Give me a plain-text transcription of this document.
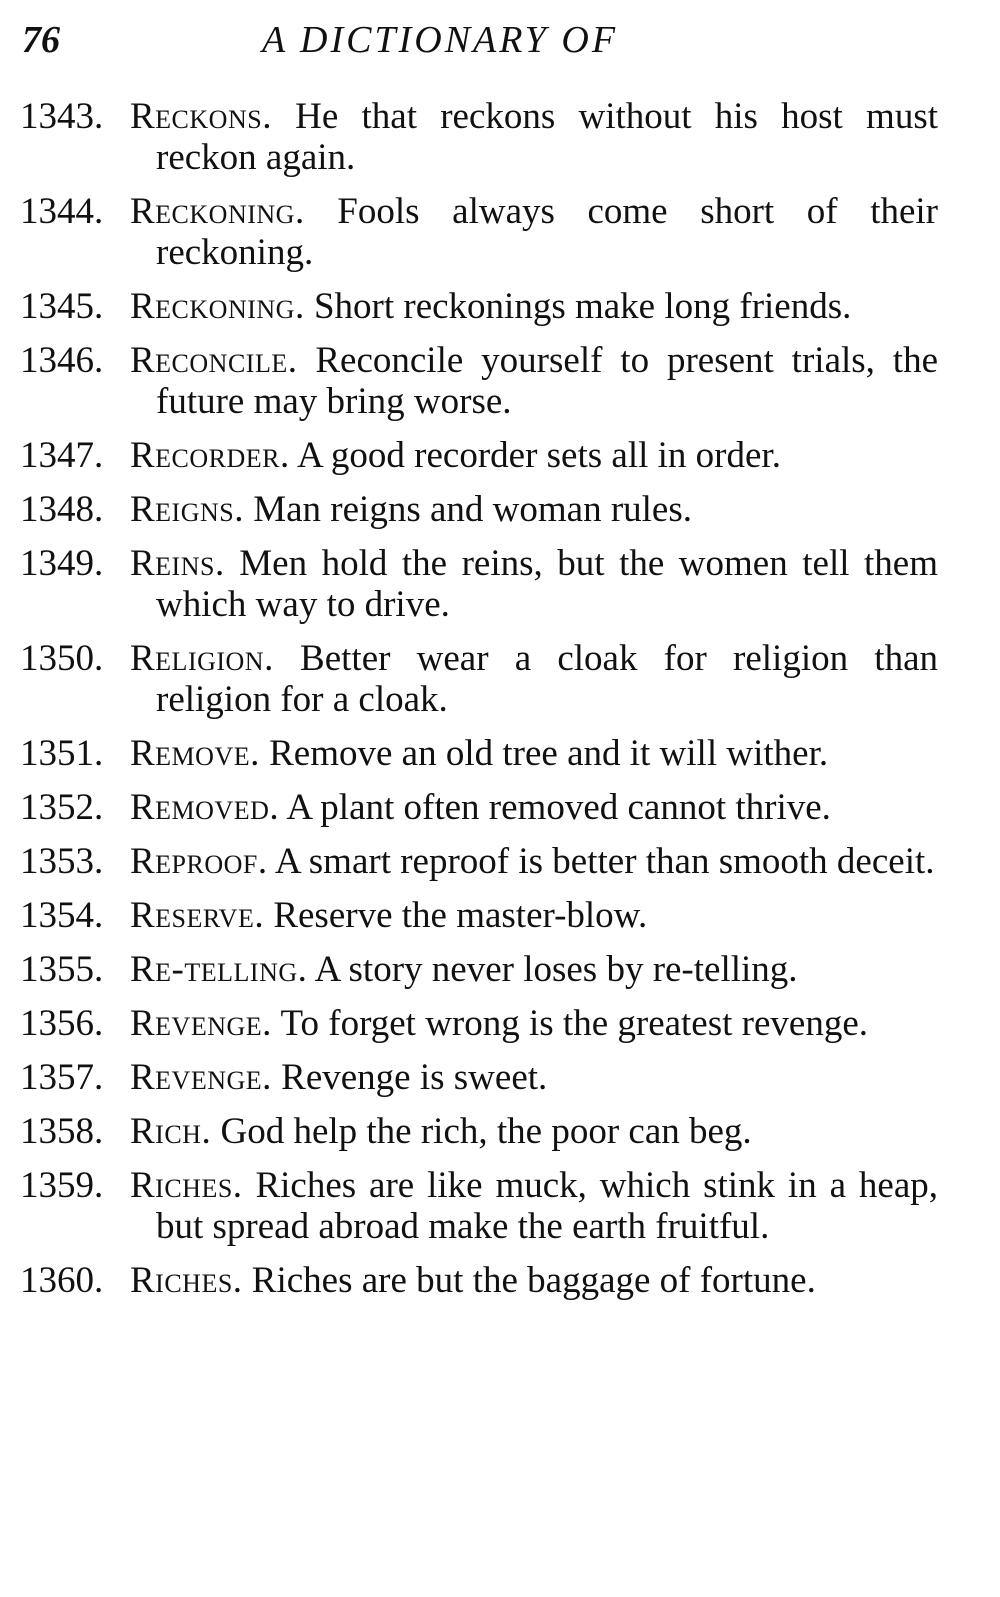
76	A DICTIONARY OF
1343. Reckons. He that reckons without his host must reckon again.
1344. Reckoning. Fools always come short of their reckoning.
1345. Reckoning. Short reckonings make long friends.
1346. Reconcile. Reconcile yourself to present trials, the future may bring worse.
1347. Recorder. A good recorder sets all in order.
1348. Reigns. Man reigns and woman rules.
1349. Reins. Men hold the reins, but the women tell them which way to drive.
1350. Religion. Better wear a cloak for religion than religion for a cloak.
1351. Remove. Remove an old tree and it will wither.
1352. Removed. A plant often removed cannot thrive.
1353. Reproof. A smart reproof is better than smooth deceit.
1354. Reserve. Reserve the master-blow.
1355. Re-telling. A story never loses by re-telling.
1356. Revenge. To forget wrong is the greatest revenge.
1357. Revenge. Revenge is sweet.
1358. Rich. God help the rich, the poor can beg.
1359. Riches. Riches are like muck, which stink in a heap, but spread abroad make the earth fruitful.
1360. Riches. Riches are but the baggage of fortune.
